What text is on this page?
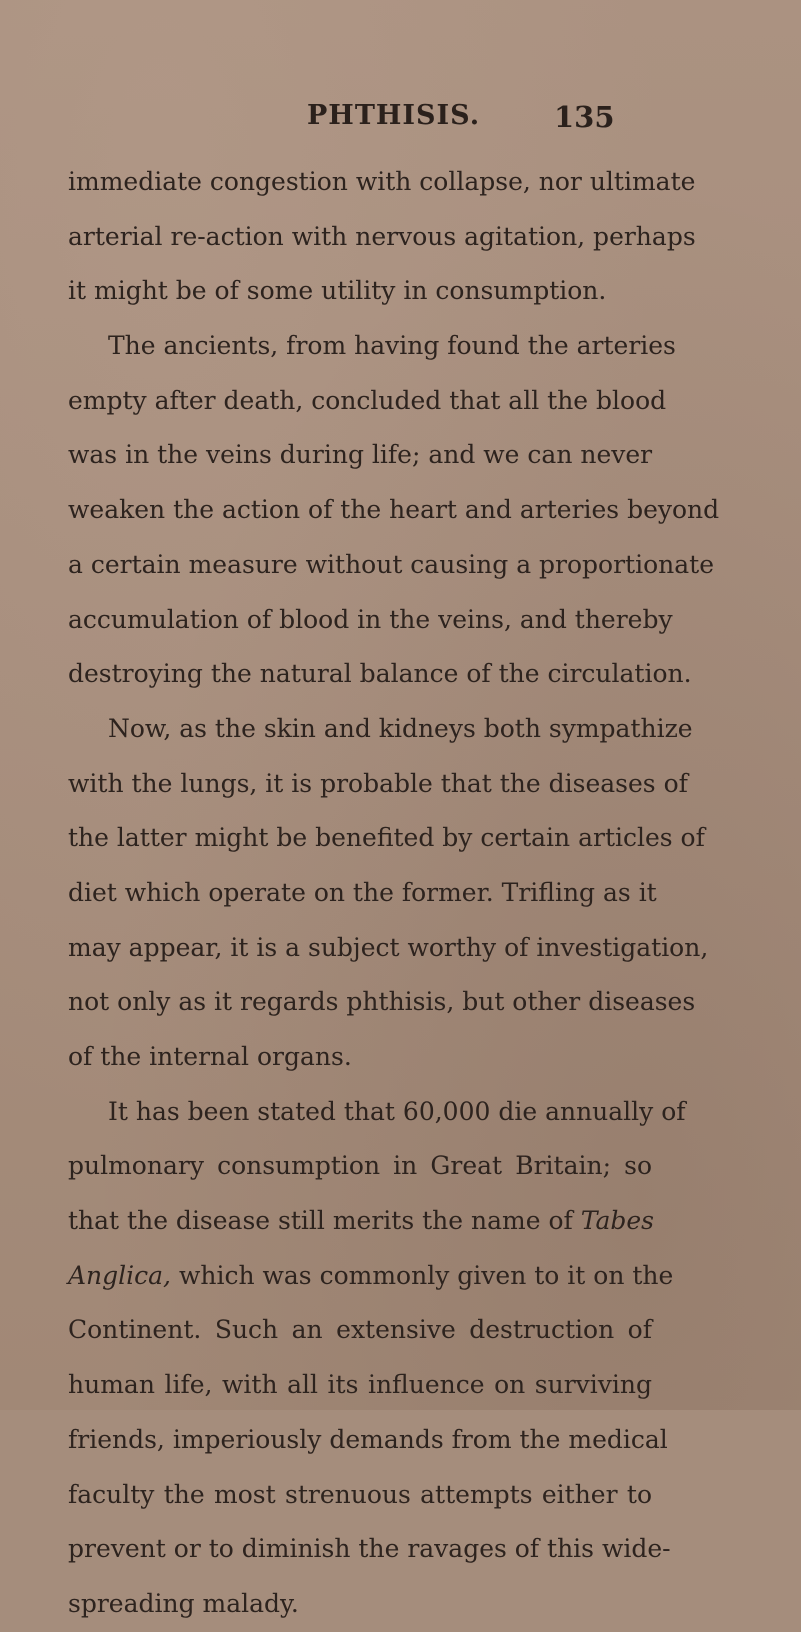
PHTHISIS.	135
immediate congestion with collapse, nor ultimate
arterial re-action with nervous agitation, perhaps
it might be of some utility in consumption.
The ancients, from having found the arteries
empty after death, concluded that all the blood
was in the veins during life; and we can never
weaken the action of the heart and arteries beyond
a certain measure without causing a proportionate
accumulation of blood in the veins, and thereby
destroying the natural balance of the circulation.
Now, as the skin and kidneys both sympathize
with the lungs, it is probable that the diseases of
the latter might be benefited by certain articles of
diet which operate on the former. Trifling as it
may appear, it is a subject worthy of investigation,
not only as it regards phthisis, but other diseases
of the internal organs.
It has been stated that 60,000 die annually of
pulmonary consumption in Great Britain; so
that the disease still merits the name of Tabes
Anglica, which was commonly given to it on the
Continent. Such an extensive destruction of
human life, with all its influence on surviving
friends, imperiously demands from the medical
faculty the most strenuous attempts either to
prevent or to diminish the ravages of this wide-
spreading malady.
